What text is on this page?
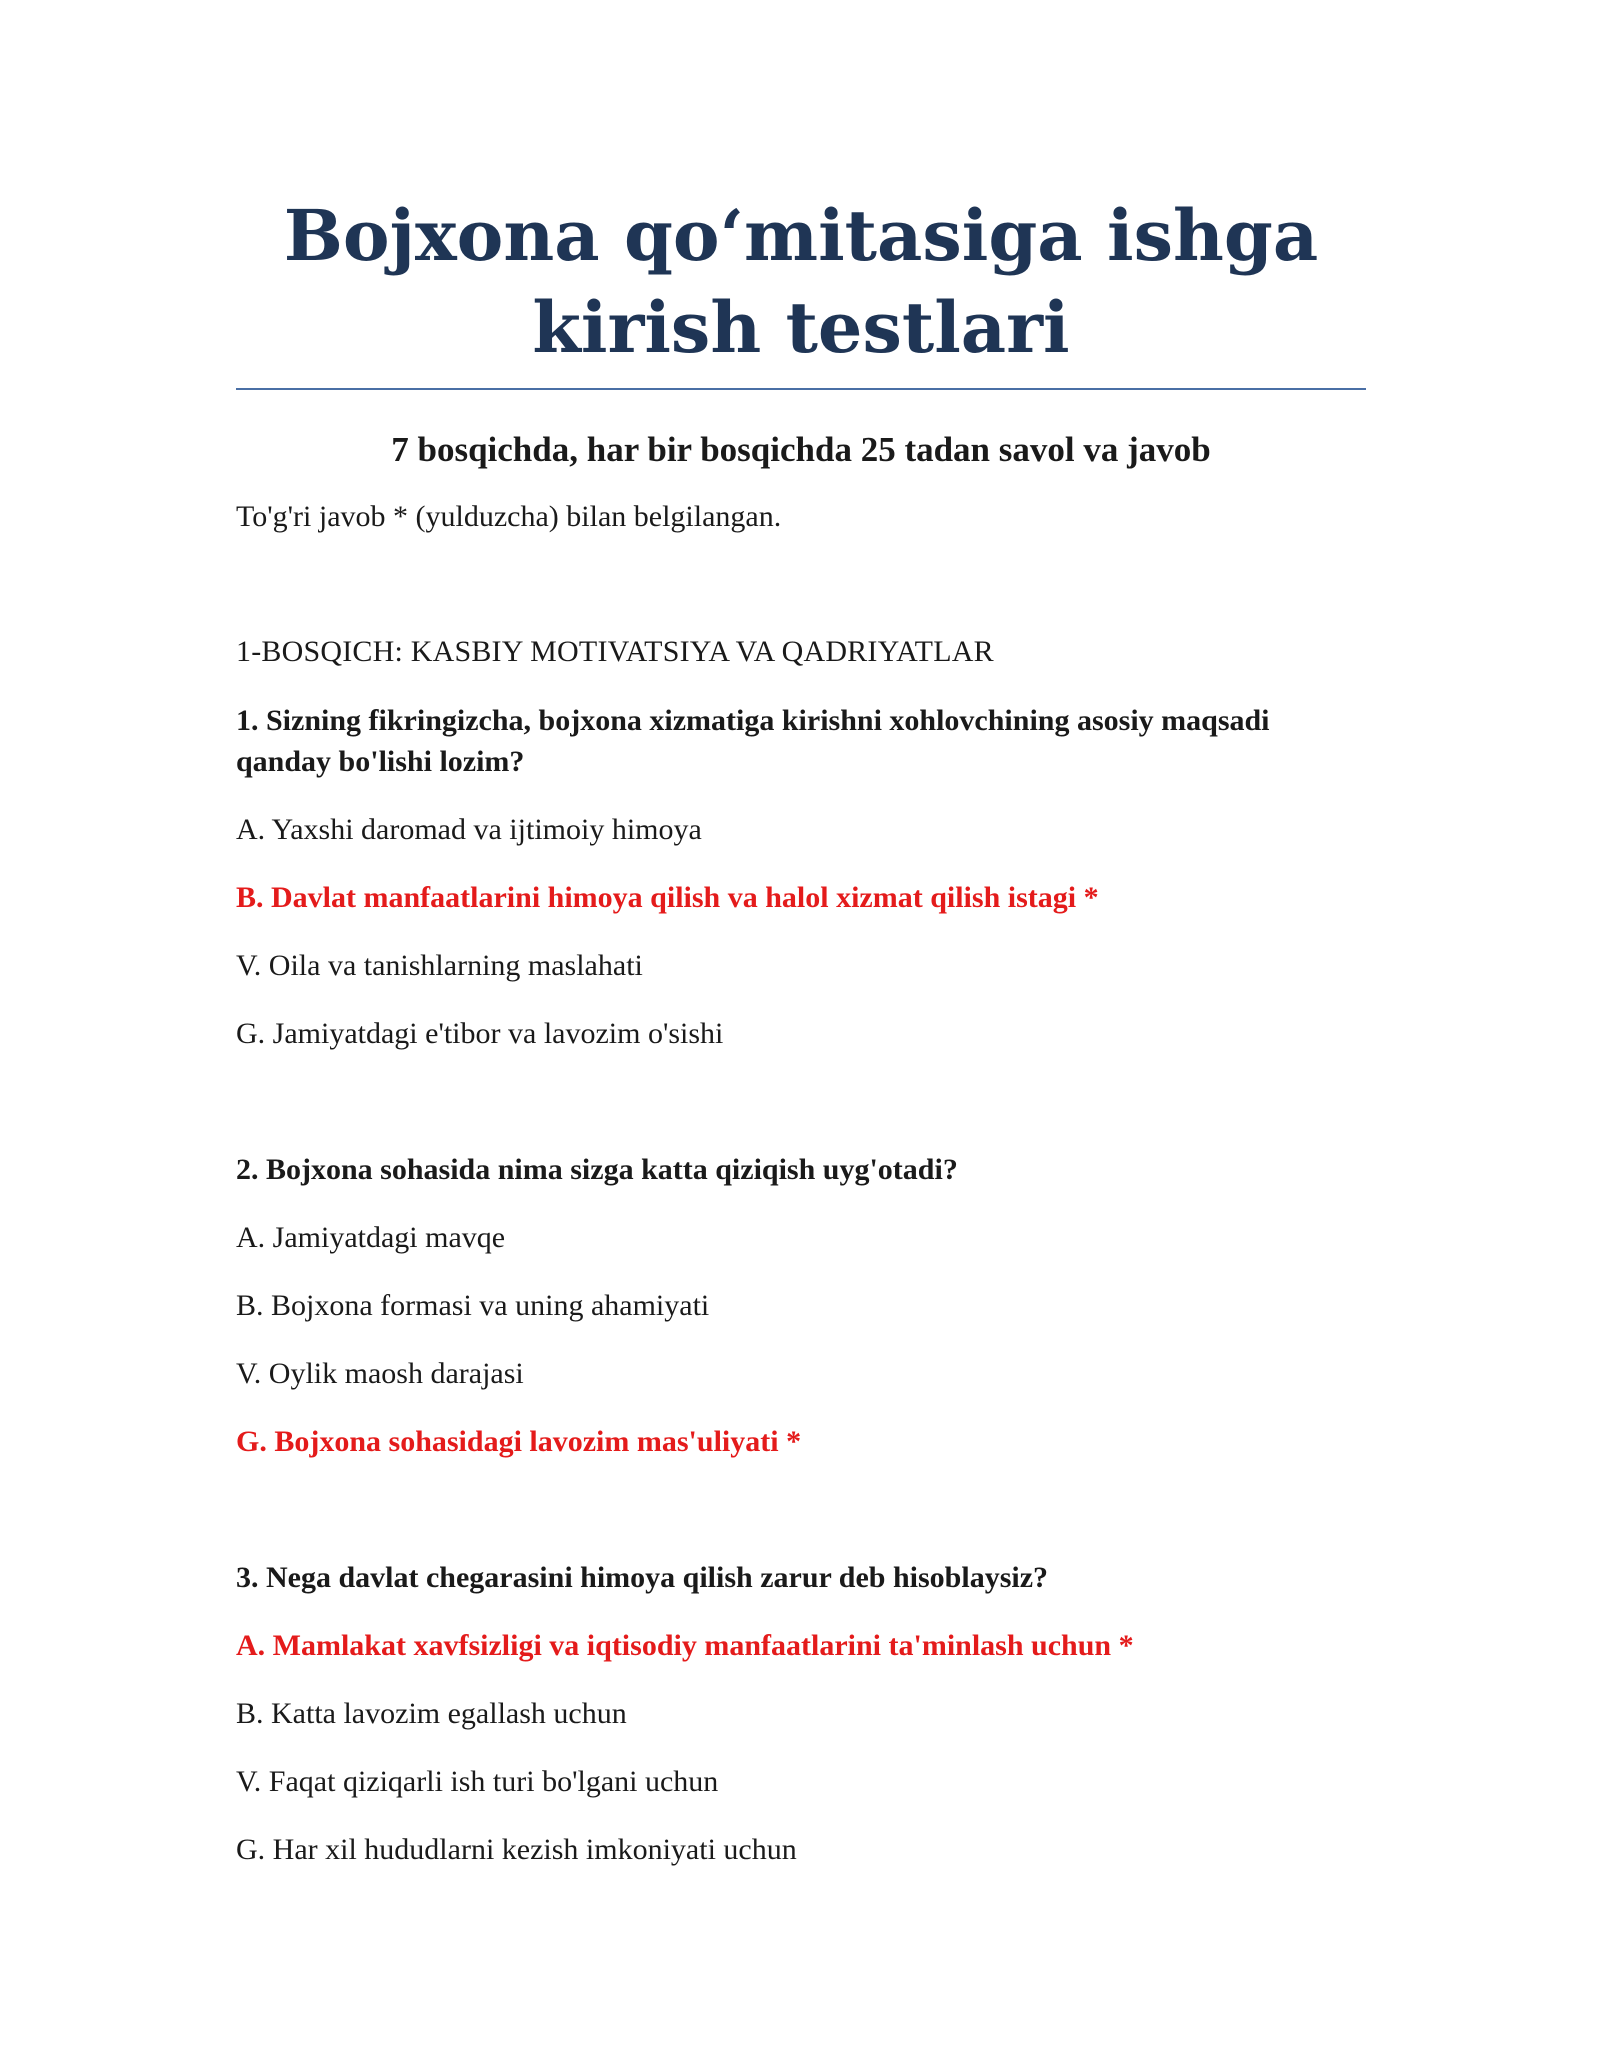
Bojxona qo‘mitasiga ishga
kirish testlari

7 bosqichda, har bir bosqichda 25 tadan savol va javob

To'g'ri javob * (yulduzcha) bilan belgilangan.

1-BOSQICH: KASBIY MOTIVATSIYA VA QADRIYATLAR

1. Sizning fikringizcha, bojxona xizmatiga kirishni xohlovchining asosiy maqsadi qanday bo'lishi lozim?

A. Yaxshi daromad va ijtimoiy himoya

B. Davlat manfaatlarini himoya qilish va halol xizmat qilish istagi *

V. Oila va tanishlarning maslahati

G. Jamiyatdagi e'tibor va lavozim o'sishi

2. Bojxona sohasida nima sizga katta qiziqish uyg'otadi?

A. Jamiyatdagi mavqe

B. Bojxona formasi va uning ahamiyati

V. Oylik maosh darajasi

G. Bojxona sohasidagi lavozim mas'uliyati *

3. Nega davlat chegarasini himoya qilish zarur deb hisoblaysiz?

A. Mamlakat xavfsizligi va iqtisodiy manfaatlarini ta'minlash uchun *

B. Katta lavozim egallash uchun

V. Faqat qiziqarli ish turi bo'lgani uchun

G. Har xil hududlarni kezish imkoniyati uchun
